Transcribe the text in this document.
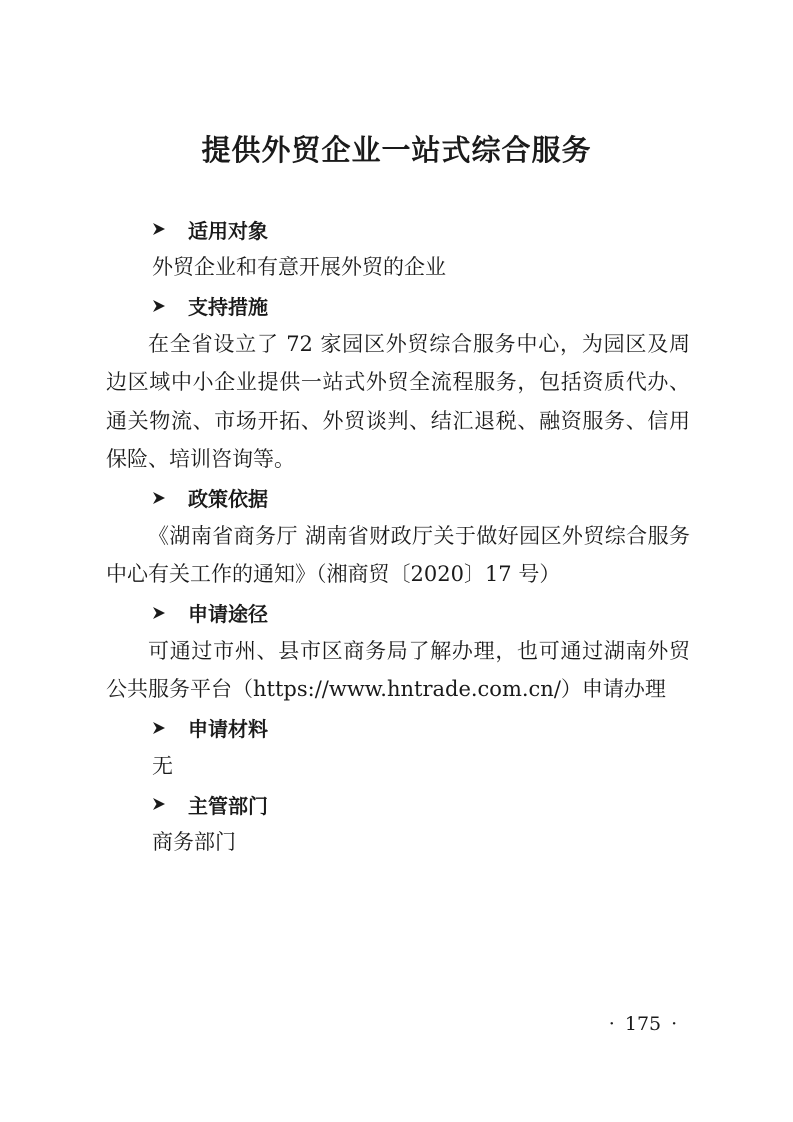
提供外贸企业一站式综合服务
适用对象

外贸企业和有意开展外贸的企业

支持措施

在全省设立了 72 家园区外贸综合服务中心，为园区及周边区域中小企业提供一站式外贸全流程服务，包括资质代办、通关物流、市场开拓、外贸谈判、结汇退税、融资服务、信用保险、培训咨询等。

政策依据

《湖南省商务厅 湖南省财政厅关于做好园区外贸综合服务中心有关工作的通知》（湘商贸〔2020〕17 号）

申请途径

可通过市州、县市区商务局了解办理，也可通过湖南外贸公共服务平台（https://www.hntrade.com.cn/）申请办理

申请材料

无

主管部门

商务部门

· 175 ·
